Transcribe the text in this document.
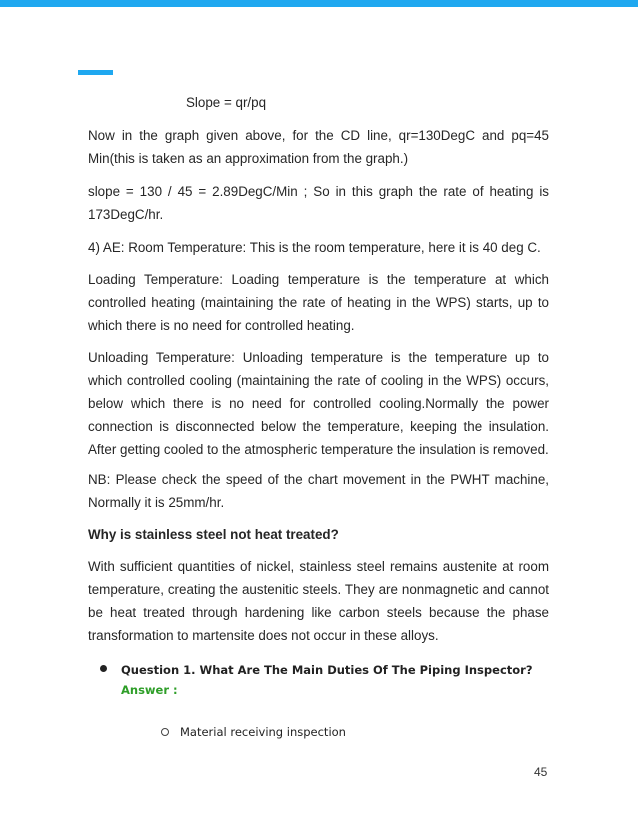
Slope = qr/pq

Now in the graph given above, for the CD line, qr=130DegC and pq=45 Min(this is taken as an approximation from the graph.)

slope = 130 / 45 = 2.89DegC/Min ; So in this graph the rate of heating is 173DegC/hr.

4) AE: Room Temperature: This is the room temperature, here it is 40 deg C.

Loading Temperature: Loading temperature is the temperature at which controlled heating (maintaining the rate of heating in the WPS) starts, up to which there is no need for controlled heating.

Unloading Temperature: Unloading temperature is the temperature up to which controlled cooling (maintaining the rate of cooling in the WPS) occurs, below which there is no need for controlled cooling.Normally the power connection is disconnected below the temperature, keeping the insulation. After getting cooled to the atmospheric temperature the insulation is removed.

NB: Please check the speed of the chart movement in the PWHT machine, Normally it is 25mm/hr.

Why is stainless steel not heat treated?

With sufficient quantities of nickel, stainless steel remains austenite at room temperature, creating the austenitic steels. They are nonmagnetic and cannot be heat treated through hardening like carbon steels because the phase transformation to martensite does not occur in these alloys.

Question 1. What Are The Main Duties Of The Piping Inspector?
Answer :
Material receiving inspection
45
